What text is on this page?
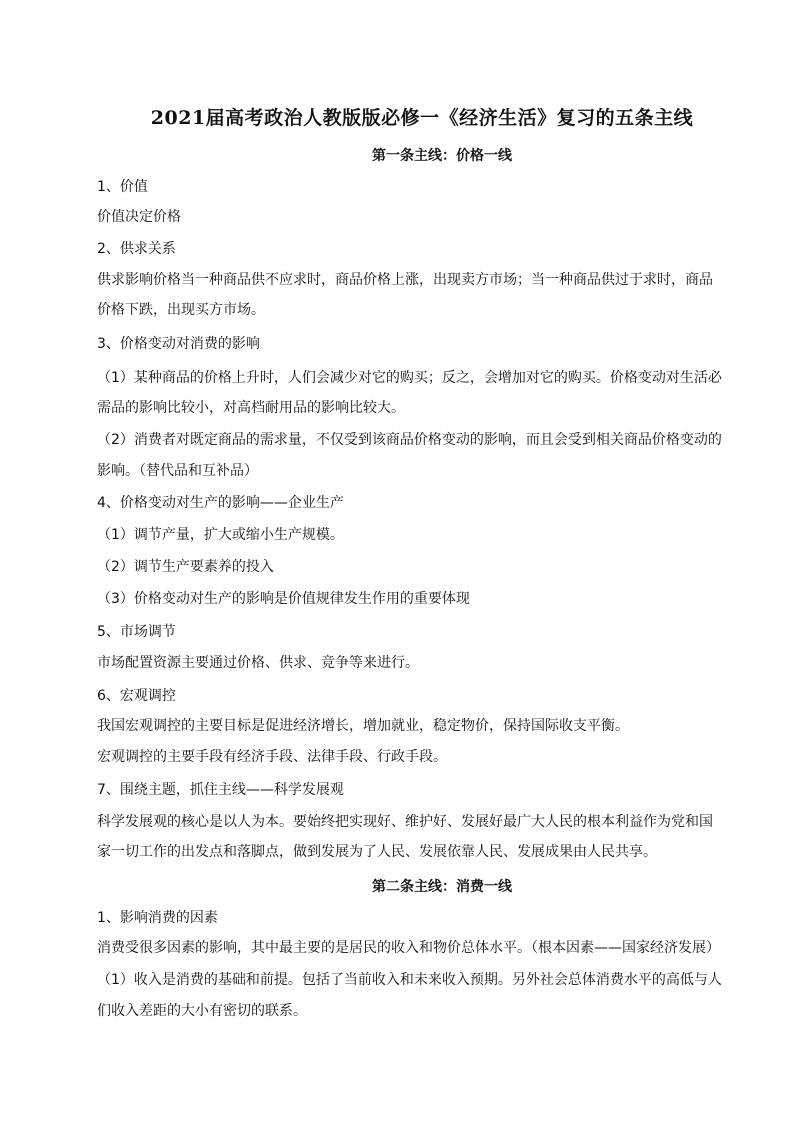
2021届高考政治人教版版必修一《经济生活》复习的五条主线
第一条主线：价格一线
1、价值
价值决定价格
2、供求关系
供求影响价格当一种商品供不应求时，商品价格上涨，出现卖方市场；当一种商品供过于求时，商品
价格下跌，出现买方市场。
3、价格变动对消费的影响
（1）某种商品的价格上升时，人们会减少对它的购买；反之，会增加对它的购买。价格变动对生活必
需品的影响比较小，对高档耐用品的影响比较大。
（2）消费者对既定商品的需求量，不仅受到该商品价格变动的影响，而且会受到相关商品价格变动的
影响。（替代品和互补品）
4、价格变动对生产的影响——企业生产
（1）调节产量，扩大或缩小生产规模。
（2）调节生产要素养的投入
（3）价格变动对生产的影响是价值规律发生作用的重要体现
5、市场调节
市场配置资源主要通过价格、供求、竞争等来进行。
6、宏观调控
我国宏观调控的主要目标是促进经济增长，增加就业，稳定物价，保持国际收支平衡。
宏观调控的主要手段有经济手段、法律手段、行政手段。
7、围绕主题，抓住主线——科学发展观
科学发展观的核心是以人为本。要始终把实现好、维护好、发展好最广大人民的根本利益作为党和国
家一切工作的出发点和落脚点，做到发展为了人民、发展依靠人民、发展成果由人民共享。
第二条主线：消费一线
1、影响消费的因素
消费受很多因素的影响，其中最主要的是居民的收入和物价总体水平。（根本因素——国家经济发展）
（1）收入是消费的基础和前提。包括了当前收入和未来收入预期。另外社会总体消费水平的高低与人
们收入差距的大小有密切的联系。
